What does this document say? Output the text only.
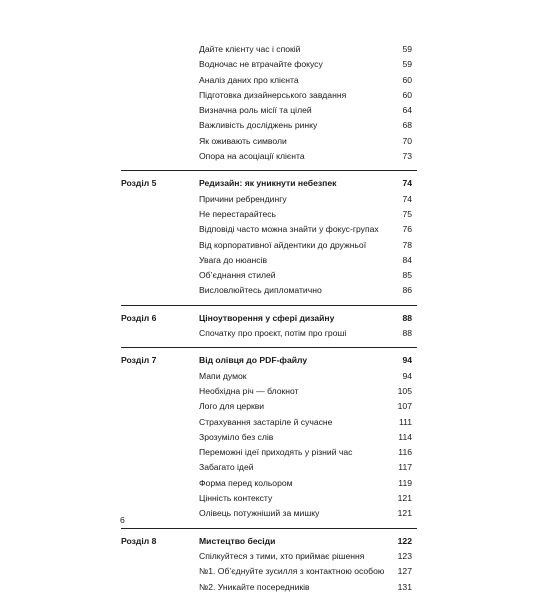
Дайте клієнту час і спокій	59
Водночас не втрачайте фокусу	59
Аналіз даних про клієнта	60
Підготовка дизайнерського завдання	60
Визначна роль місії та цілей	64
Важливість досліджень ринку	68
Як оживають символи	70
Опора на асоціації клієнта	73
Розділ 5	Редизайн: як уникнути небезпек	74
Причини ребрендингу	74
Не перестарайтесь	75
Відповіді часто можна знайти у фокус-групах	76
Від корпоративної айдентики до дружньої	78
Увага до нюансів	84
Об’єднання стилей	85
Висловлюйтесь дипломатично	86
Розділ 6	Ціноутворення у сфері дизайну	88
Спочатку про проєкт, потім про гроші	88
Розділ 7	Від олівця до PDF-файлу	94
Мапи думок	94
Необхідна річ — блокнот	105
Лого для церкви	107
Страхування застаріле й сучасне	111
Зрозуміло без слів	114
Переможні ідеї приходять у різний час	116
Забагато ідей	117
Форма перед кольором	119
Цінність контексту	121
Олівець потужніший за мишку	121
Розділ 8	Мистецтво бесіди	122
Спілкуйтеся з тими, хто приймає рішення	123
№1. Об’єднуйте зусилля з контактною особою 127
№2. Уникайте посередників	131
6
